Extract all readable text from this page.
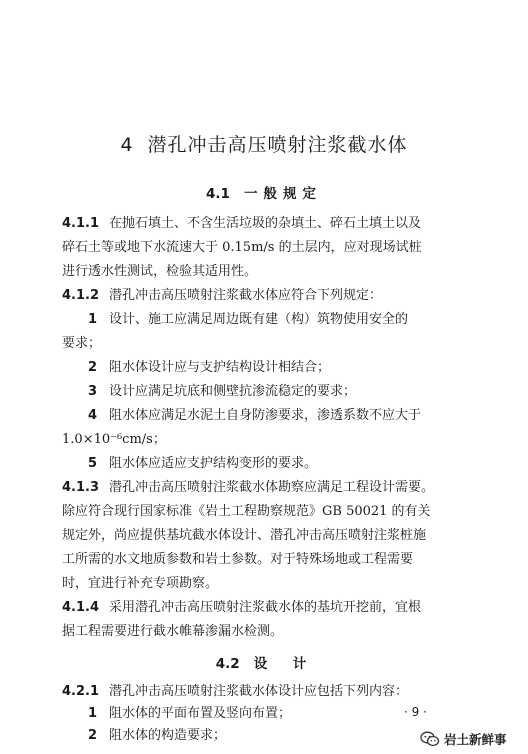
4 潜孔冲击高压喷射注浆截水体
4.1 一般规定
4.1.1 在抛石填土、不含生活垃圾的杂填土、碎石土填土以及
碎石土等或地下水流速大于 0.15m/s 的土层内，应对现场试桩
进行透水性测试，检验其适用性。
4.1.2 潜孔冲击高压喷射注浆截水体应符合下列规定：
1 设计、施工应满足周边既有建（构）筑物使用安全的
要求；
2 阻水体设计应与支护结构设计相结合；
3 设计应满足坑底和侧壁抗渗流稳定的要求；
4 阻水体应满足水泥土自身防渗要求，渗透系数不应大于
1.0×10⁻⁶cm/s；
5 阻水体应适应支护结构变形的要求。
4.1.3 潜孔冲击高压喷射注浆截水体勘察应满足工程设计需要。
除应符合现行国家标准《岩土工程勘察规范》GB 50021 的有关
规定外，尚应提供基坑截水体设计、潜孔冲击高压喷射注浆桩施
工所需的水文地质参数和岩土参数。对于特殊场地或工程需要
时，宜进行补充专项勘察。
4.1.4 采用潜孔冲击高压喷射注浆截水体的基坑开挖前，宜根
据工程需要进行截水帷幕渗漏水检测。
4.2 设　计
4.2.1 潜孔冲击高压喷射注浆截水体设计应包括下列内容：
1 阻水体的平面布置及竖向布置；
2 阻水体的构造要求；
· 9 ·
岩土新鲜事
